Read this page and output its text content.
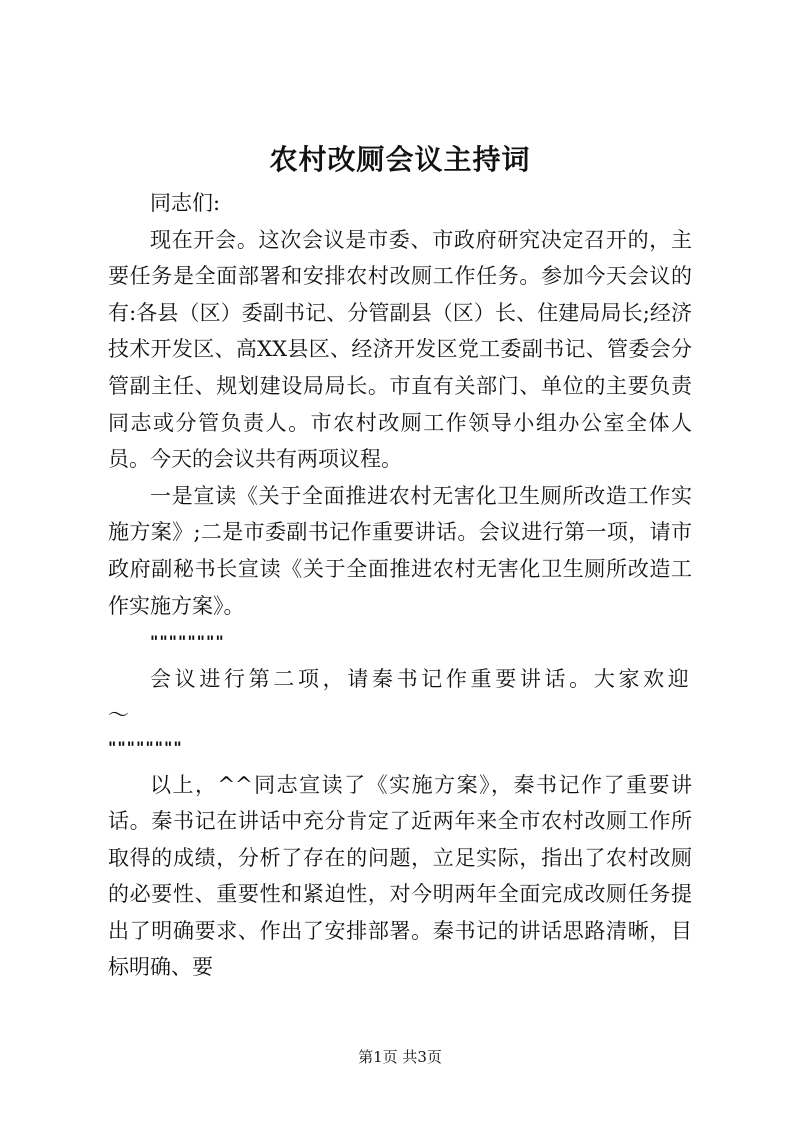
农村改厕会议主持词

同志们:

现在开会。这次会议是市委、市政府研究决定召开的，主要任务是全面部署和安排农村改厕工作任务。参加今天会议的有:各县（区）委副书记、分管副县（区）长、住建局局长;经济技术开发区、高XX县区、经济开发区党工委副书记、管委会分管副主任、规划建设局局长。市直有关部门、单位的主要负责同志或分管负责人。市农村改厕工作领导小组办公室全体人员。今天的会议共有两项议程。

一是宣读《关于全面推进农村无害化卫生厕所改造工作实施方案》;二是市委副书记作重要讲话。会议进行第一项，请市政府副秘书长宣读《关于全面推进农村无害化卫生厕所改造工作实施方案》。

""""""""

会议进行第二项，请秦书记作重要讲话。大家欢迎～

""""""""

以上，^^同志宣读了《实施方案》，秦书记作了重要讲话。秦书记在讲话中充分肯定了近两年来全市农村改厕工作所取得的成绩，分析了存在的问题，立足实际，指出了农村改厕的必要性、重要性和紧迫性，对今明两年全面完成改厕任务提出了明确要求、作出了安排部署。秦书记的讲话思路清晰，目标明确、要

第1页 共3页
